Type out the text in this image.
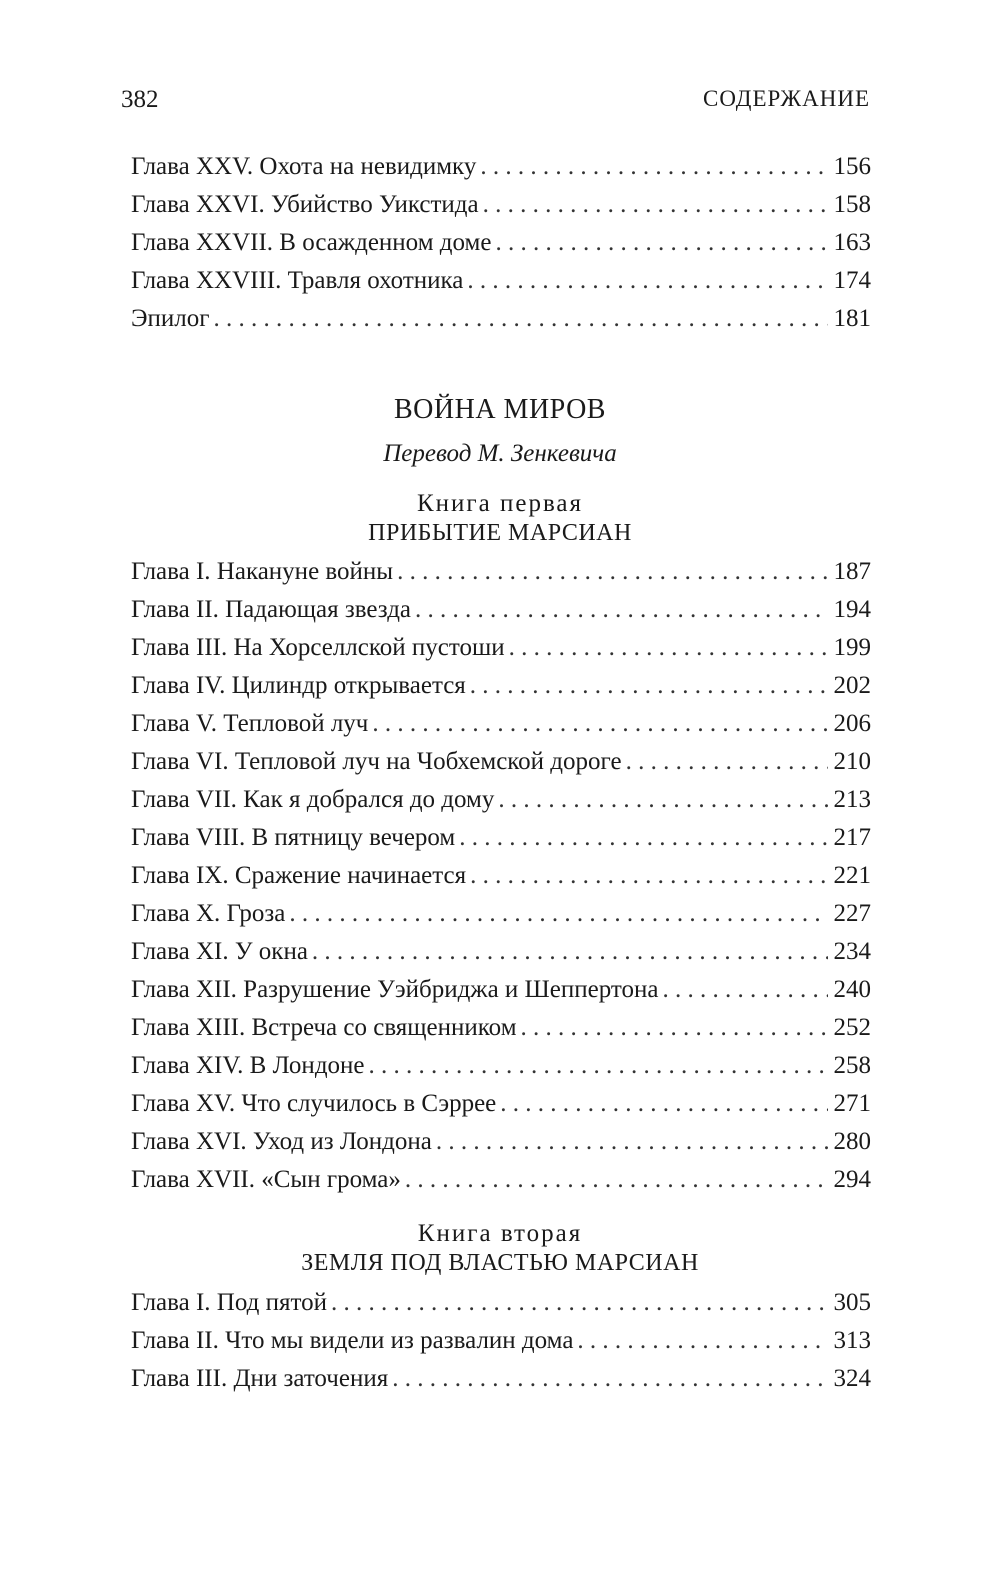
382	СОДЕРЖАНИЕ
Глава XXV. Охота на невидимку . . .	156
Глава XXVI. Убийство Уикстида . . .	158
Глава XXVII. В осажденном доме . . .	163
Глава XXVIII. Травля охотника . . .	174
Эпилог . . .	181
ВОЙНА МИРОВ
Перевод М. Зенкевича
Книга первая
ПРИБЫТИЕ МАРСИАН
Глава I. Накануне войны . . .	187
Глава II. Падающая звезда . . .	194
Глава III. На Хорселлской пустоши . . .	199
Глава IV. Цилиндр открывается . . .	202
Глава V. Тепловой луч . . .	206
Глава VI. Тепловой луч на Чобхемской дороге . . .	210
Глава VII. Как я добрался до дому . . .	213
Глава VIII. В пятницу вечером . . .	217
Глава IX. Сражение начинается . . .	221
Глава X. Гроза . . .	227
Глава XI. У окна . . .	234
Глава XII. Разрушение Уэйбриджа и Шеппертона . . .	240
Глава XIII. Встреча со священником . . .	252
Глава XIV. В Лондоне . . .	258
Глава XV. Что случилось в Сэррее . . .	271
Глава XVI. Уход из Лондона . . .	280
Глава XVII. «Сын грома» . . .	294
Книга вторая
ЗЕМЛЯ ПОД ВЛАСТЬЮ МАРСИАН
Глава I. Под пятой . . .	305
Глава II. Что мы видели из развалин дома . . .	313
Глава III. Дни заточения . . .	324
